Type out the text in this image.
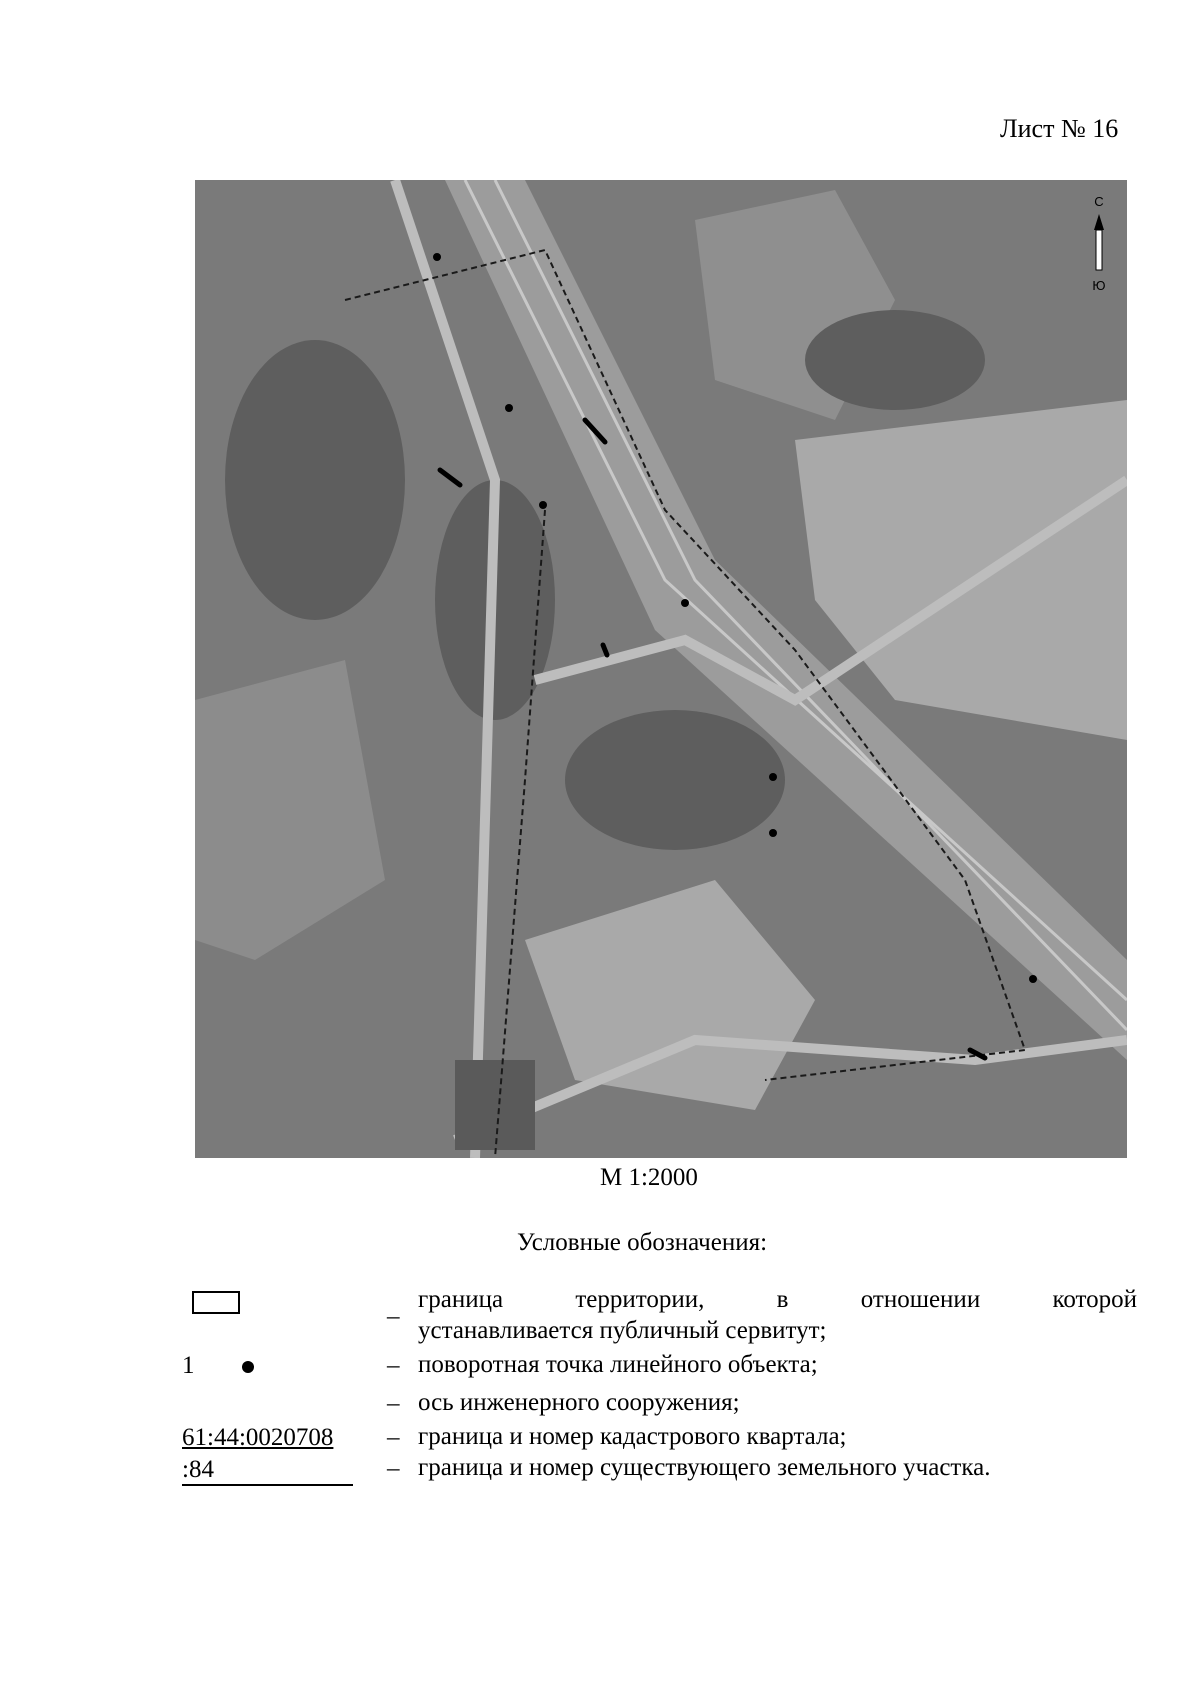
Лист № 16
С
Ю
М 1:2000
Условные обозначения:
_ граница территории, в отношении которой
устанавливается публичный сервитут;
1	– поворотная точка линейного объекта;
– ось инженерного сооружения;
61:44:0020708 – граница и номер кадастрового квартала;
:84	– граница и номер существующего земельного участка.
